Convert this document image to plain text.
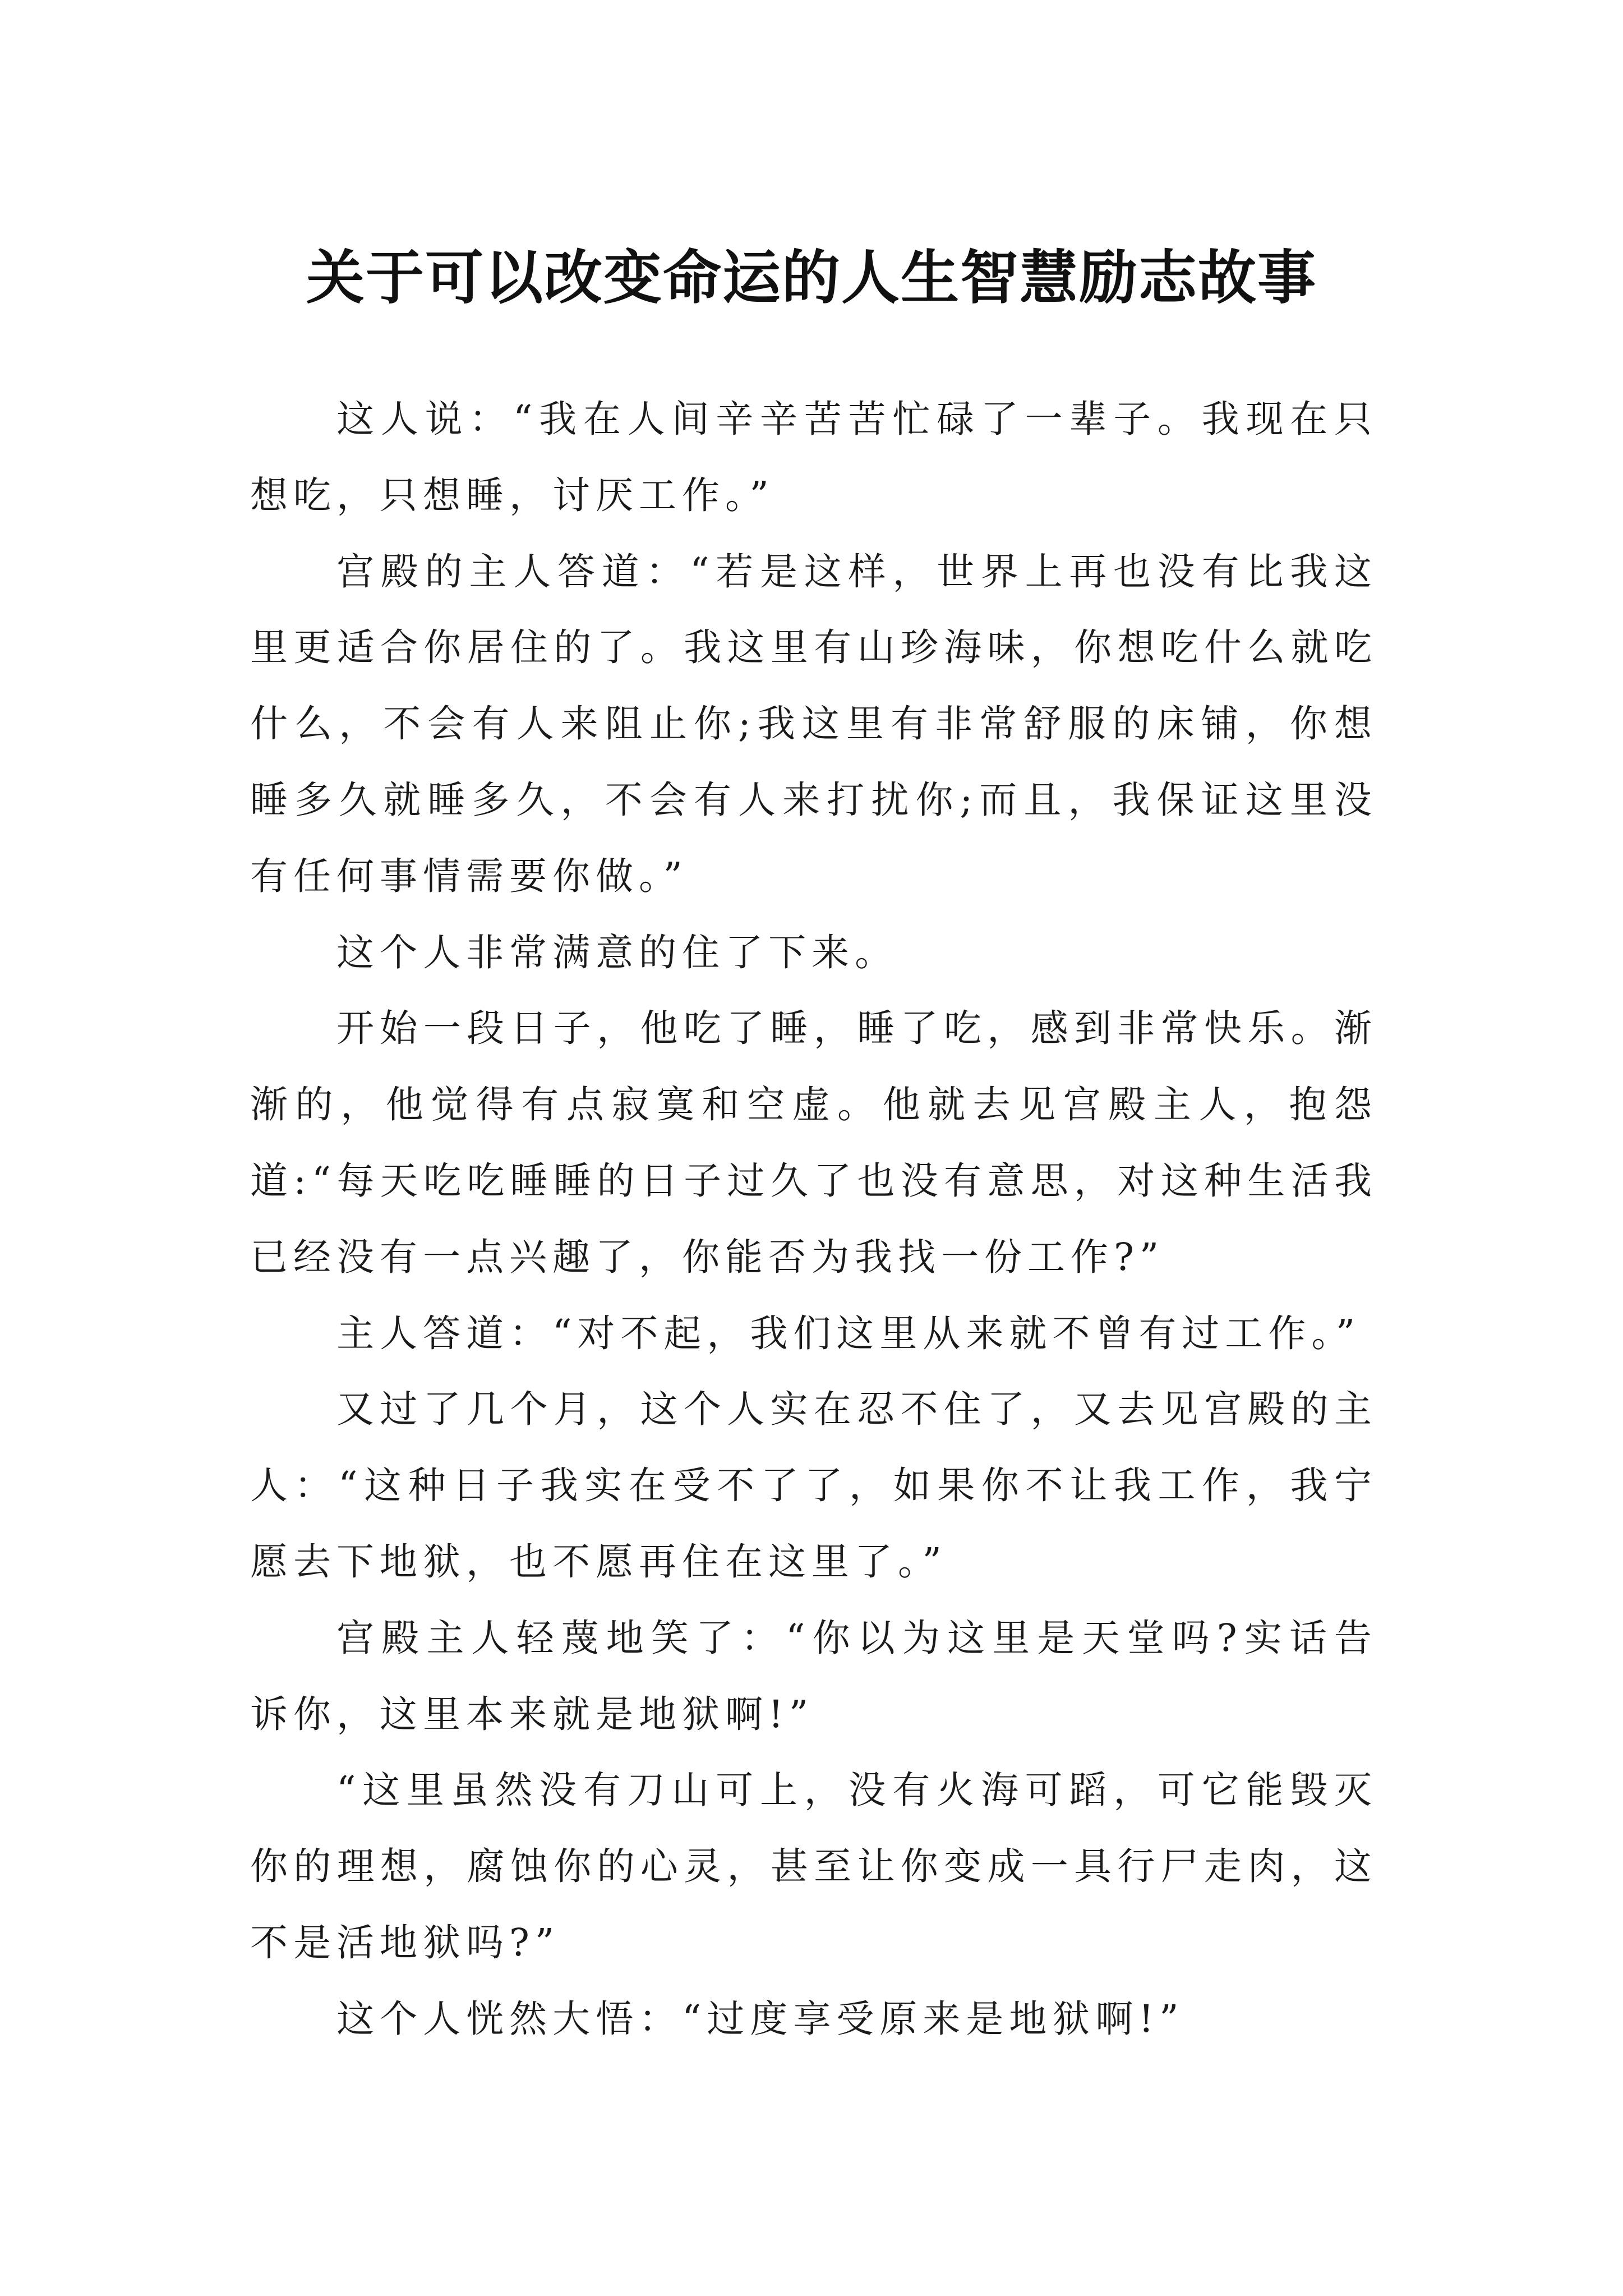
关于可以改变命运的人生智慧励志故事

这人说：“我在人间辛辛苦苦忙碌了一辈子。我现在只想吃，只想睡，讨厌工作。”

宫殿的主人答道：“若是这样，世界上再也没有比我这里更适合你居住的了。我这里有山珍海味，你想吃什么就吃什么，不会有人来阻止你;我这里有非常舒服的床铺，你想睡多久就睡多久，不会有人来打扰你;而且，我保证这里没有任何事情需要你做。”

这个人非常满意的住了下来。

开始一段日子，他吃了睡，睡了吃，感到非常快乐。渐渐的，他觉得有点寂寞和空虚。他就去见宫殿主人，抱怨道:“每天吃吃睡睡的日子过久了也没有意思，对这种生活我已经没有一点兴趣了，你能否为我找一份工作?”

主人答道：“对不起，我们这里从来就不曾有过工作。”

又过了几个月，这个人实在忍不住了，又去见宫殿的主人：“这种日子我实在受不了了，如果你不让我工作，我宁愿去下地狱，也不愿再住在这里了。”

宫殿主人轻蔑地笑了：“你以为这里是天堂吗?实话告诉你，这里本来就是地狱啊!”

“这里虽然没有刀山可上，没有火海可蹈，可它能毁灭你的理想，腐蚀你的心灵，甚至让你变成一具行尸走肉，这不是活地狱吗?”

这个人恍然大悟：“过度享受原来是地狱啊!”
